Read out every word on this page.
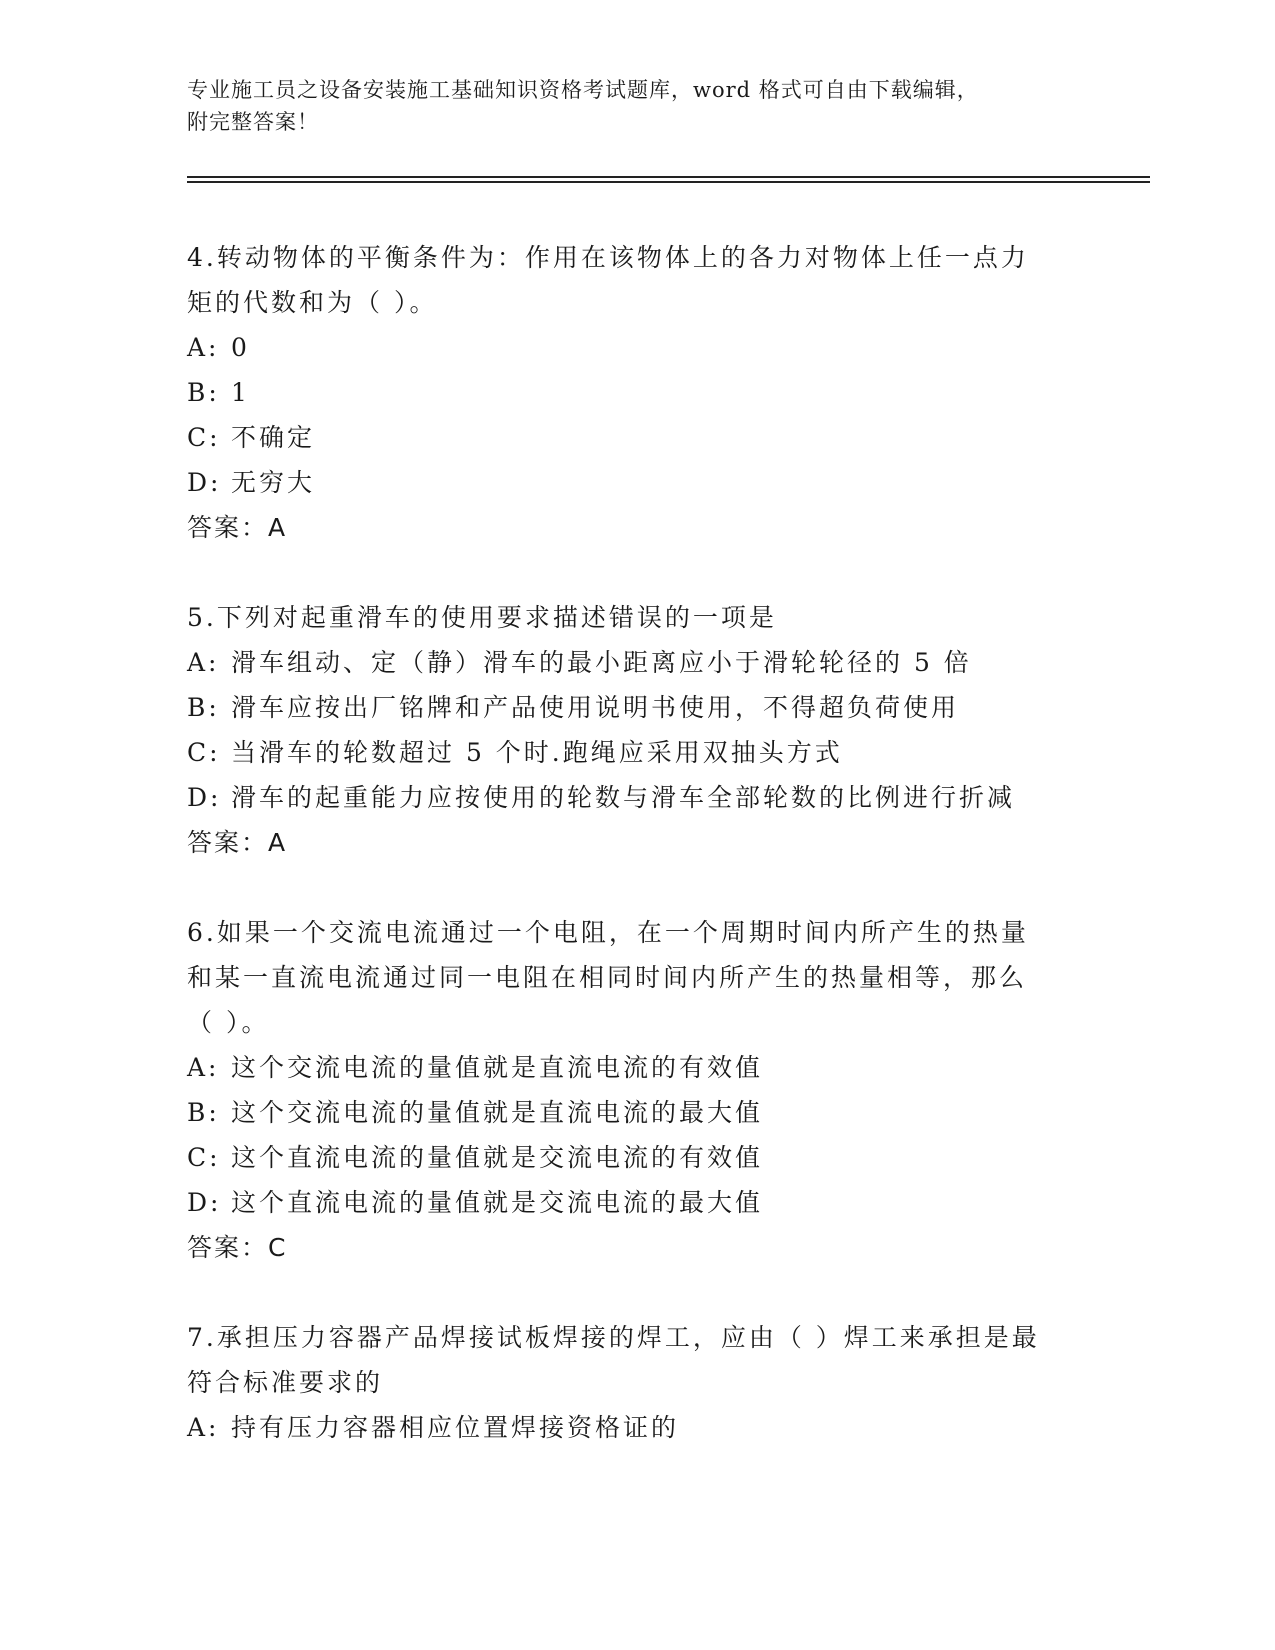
专业施工员之设备安装施工基础知识资格考试题库，word 格式可自由下载编辑，
附完整答案！

4.转动物体的平衡条件为：作用在该物体上的各力对物体上任一点力

矩的代数和为（ ）。

A: 0

B: 1

C: 不确定

D: 无穷大

答案：A

5.下列对起重滑车的使用要求描述错误的一项是

A: 滑车组动、定（静）滑车的最小距离应小于滑轮轮径的 5 倍

B: 滑车应按出厂铭牌和产品使用说明书使用，不得超负荷使用

C: 当滑车的轮数超过 5 个时.跑绳应采用双抽头方式

D: 滑车的起重能力应按使用的轮数与滑车全部轮数的比例进行折减

答案：A

6.如果一个交流电流通过一个电阻，在一个周期时间内所产生的热量

和某一直流电流通过同一电阻在相同时间内所产生的热量相等，那么

（ ）。

A: 这个交流电流的量值就是直流电流的有效值

B: 这个交流电流的量值就是直流电流的最大值

C: 这个直流电流的量值就是交流电流的有效值

D: 这个直流电流的量值就是交流电流的最大值

答案：C

7.承担压力容器产品焊接试板焊接的焊工，应由（ ）焊工来承担是最

符合标准要求的

A: 持有压力容器相应位置焊接资格证的
